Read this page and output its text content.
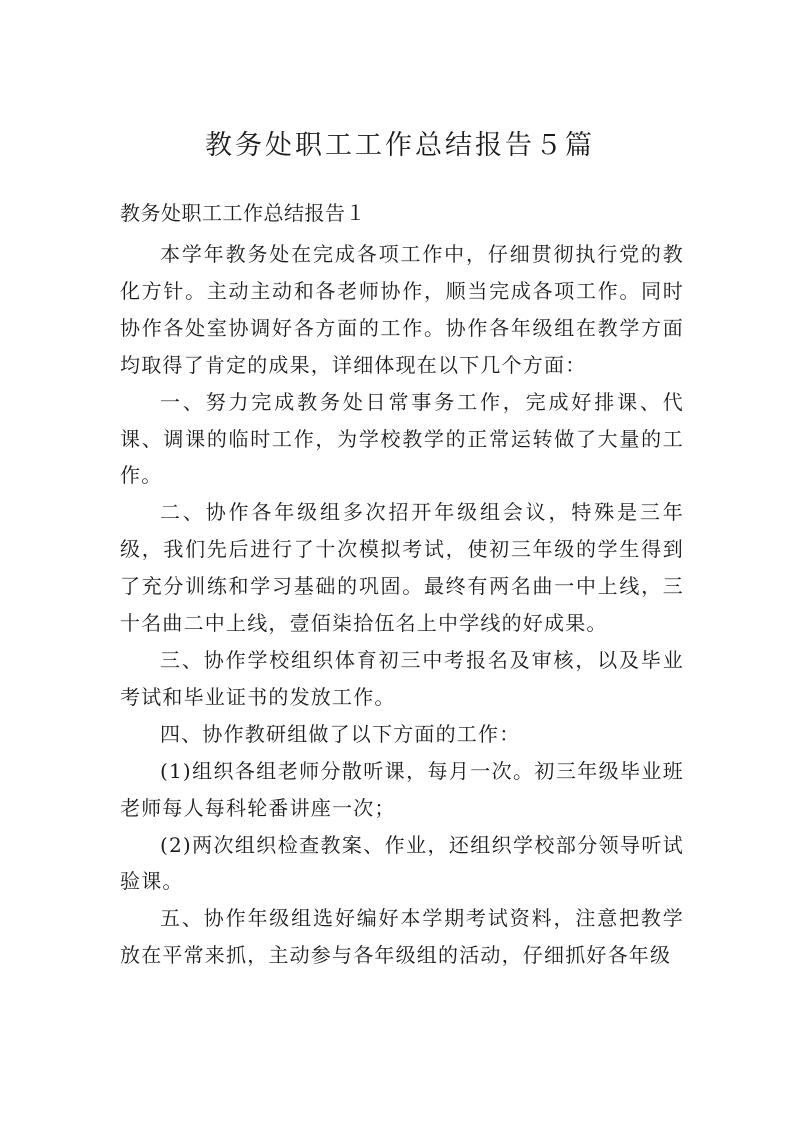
教务处职工工作总结报告５篇
教务处职工工作总结报告１

本学年教务处在完成各项工作中，仔细贯彻执行党的教化方针。主动主动和各老师协作，顺当完成各项工作。同时协作各处室协调好各方面的工作。协作各年级组在教学方面均取得了肯定的成果，详细体现在以下几个方面：

一、努力完成教务处日常事务工作，完成好排课、代课、调课的临时工作，为学校教学的正常运转做了大量的工作。

二、协作各年级组多次招开年级组会议，特殊是三年级，我们先后进行了十次模拟考试，使初三年级的学生得到了充分训练和学习基础的巩固。最终有两名曲一中上线，三十名曲二中上线，壹佰柒拾伍名上中学线的好成果。

三、协作学校组织体育初三中考报名及审核，以及毕业考试和毕业证书的发放工作。

四、协作教研组做了以下方面的工作：

(1)组织各组老师分散听课，每月一次。初三年级毕业班老师每人每科轮番讲座一次；

(2)两次组织检查教案、作业，还组织学校部分领导听试验课。

五、协作年级组选好编好本学期考试资料，注意把教学放在平常来抓，主动参与各年级组的活动，仔细抓好各年级
